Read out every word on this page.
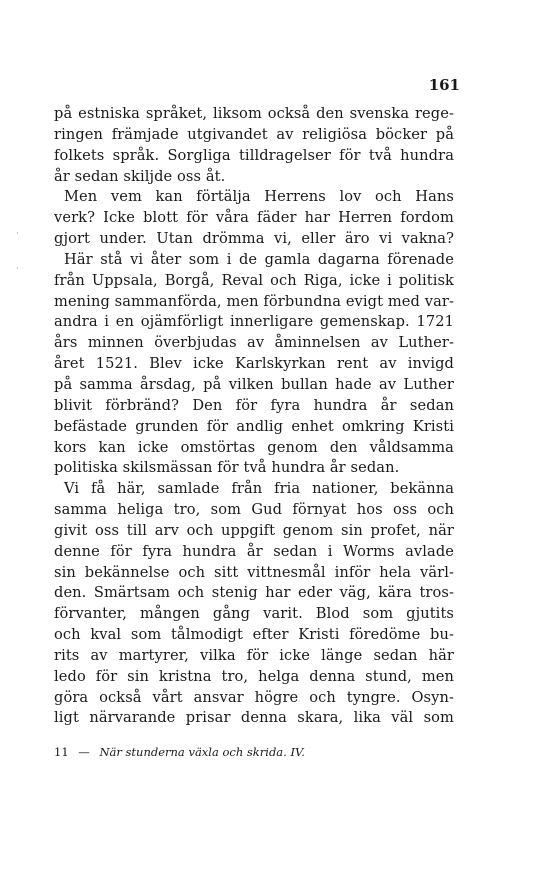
161
på estniska språket, liksom också den svenska rege-
ringen främjade utgivandet av religiösa böcker på
folkets språk. Sorgliga tilldragelser för två hundra
år sedan skiljde oss åt.
Men vem kan förtälja Herrens lov och Hans
verk? Icke blott för våra fäder har Herren fordom
gjort under. Utan drömma vi, eller äro vi vakna?
Här stå vi åter som i de gamla dagarna förenade
från Uppsala, Borgå, Reval och Riga, icke i politisk
mening sammanförda, men förbundna evigt med var-
andra i en ojämförligt innerligare gemenskap. 1721
års minnen överbjudas av åminnelsen av Luther-
året 1521. Blev icke Karlskyrkan rent av invigd
på samma årsdag, på vilken bullan hade av Luther
blivit förbränd? Den för fyra hundra år sedan
befästade grunden för andlig enhet omkring Kristi
kors kan icke omstörtas genom den våldsamma
politiska skilsmässan för två hundra år sedan.
Vi få här, samlade från fria nationer, bekänna
samma heliga tro, som Gud förnyat hos oss och
givit oss till arv och uppgift genom sin profet, när
denne för fyra hundra år sedan i Worms avlade
sin bekännelse och sitt vittnesmål inför hela värl-
den. Smärtsam och stenig har eder väg, kära tros-
förvanter, mången gång varit. Blod som gjutits
och kval som tålmodigt efter Kristi föredöme bu-
rits av martyrer, vilka för icke länge sedan här
ledo för sin kristna tro, helga denna stund, men
göra också vårt ansvar högre och tyngre. Osyn-
ligt närvarande prisar denna skara, lika väl som
11 — När stunderna växla och skrida. IV.
·
·
